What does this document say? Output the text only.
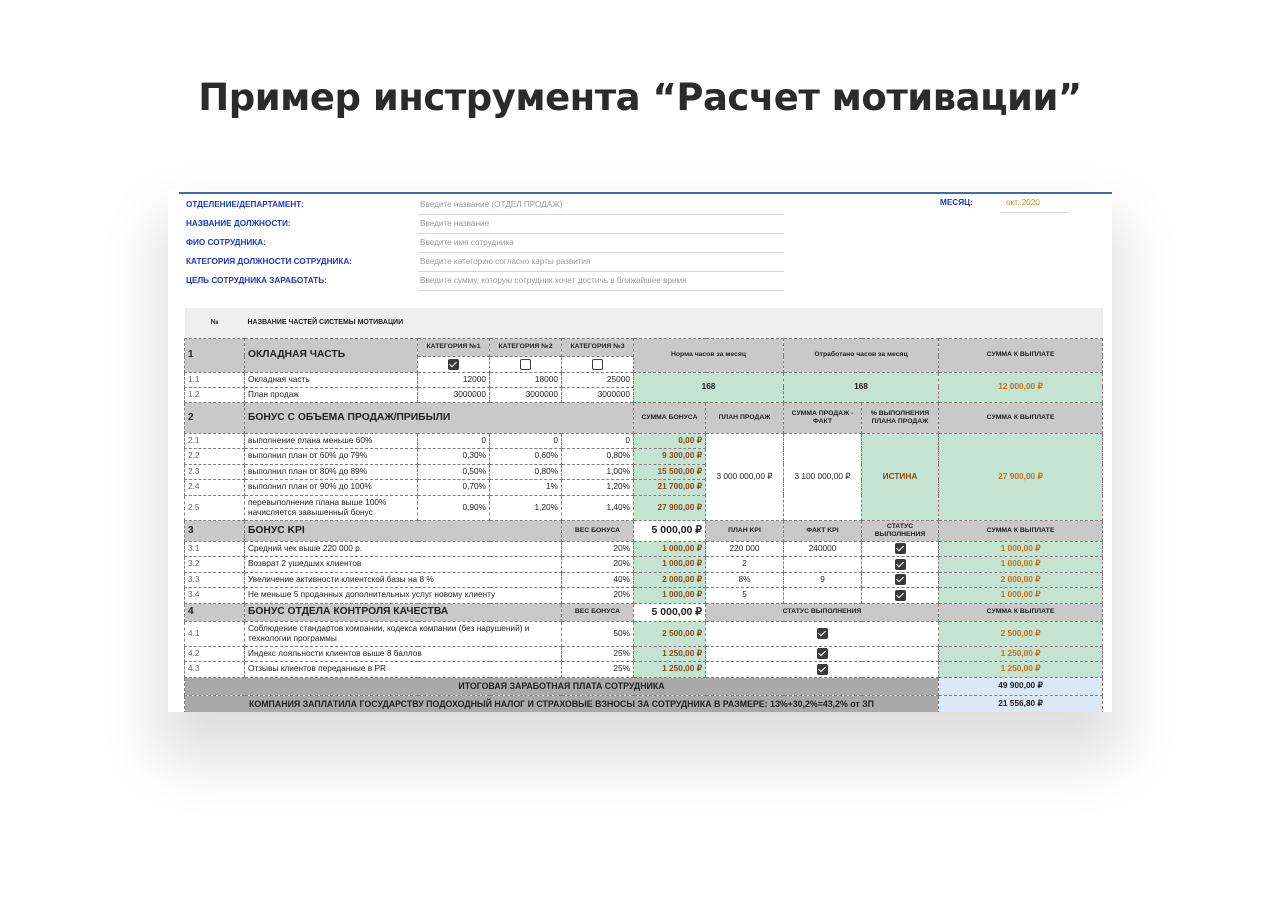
Пример инструмента “Расчет мотивации”
ОТДЕЛЕНИЕ/ДЕПАРТАМЕНТ:	Введите название (ОТДЕЛ ПРОДАЖ)
НАЗВАНИЕ ДОЛЖНОСТИ:	Введите название
ФИО СОТРУДНИКА:	Введите имя сотрудника
КАТЕГОРИЯ ДОЛЖНОСТИ СОТРУДНИКА:	Введите категорию согласно карты развития
ЦЕЛЬ СОТРУДНИКА ЗАРАБОТАТЬ:	Введите сумму, которую сотрудник хочет достичь в ближайшее время
МЕСЯЦ:	окт..2020
№	НАЗВАНИЕ ЧАСТЕЙ СИСТЕМЫ МОТИВАЦИИ								
1	ОКЛАДНАЯ ЧАСТЬ	КАТЕГОРИЯ №1	КАТЕГОРИЯ №2	КАТЕГОРИЯ №3	Норма часов за месяц		Отработано часов за месяц		СУММА К ВЫПЛАТЕ

1.1	Окладная часть	12000	18000	25000	168		168		12 000,00 ₽
1.2	План продаж	3000000	3000000	3000000					
2	БОНУС С ОБЪЕМА ПРОДАЖ/ПРИБЫЛИ				СУММА БОНУСА	ПЛАН ПРОДАЖ	СУММА ПРОДАЖ - ФАКТ	% ВЫПОЛНЕНИЯ ПЛАНА ПРОДАЖ	СУММА К ВЫПЛАТЕ
2.1	выполнение плана меньше 60%	0	0	0	0,00 ₽	3 000 000,00 ₽	3 100 000,00 ₽	ИСТИНА	27 900,00 ₽
2.2	выполнил план от 60% до 79%	0,30%	0,60%	0,80%	9 300,00 ₽				
2.3	выполнил план от 80% до 89%	0,50%	0,80%	1,00%	15 500,00 ₽				
2.4	выполнил план от 90% до 100%	0,70%	1%	1,20%	21 700,00 ₽				
2.5	перевыполнение плана выше 100% начисляется завышенный бонус	0,90%	1,20%	1,40%	27 900,00 ₽				
3	БОНУС KPI			ВЕС БОНУСА	5 000,00 ₽	ПЛАН KPI	ФАКТ KPI	СТАТУС ВЫПОЛНЕНИЯ	СУММА К ВЫПЛАТЕ
3.1	Средний чек выше 220 000 р.			20%	1 000,00 ₽	220 000	240000		1 000,00 ₽
3.2	Возврат 2 ушедших клиентов			20%	1 000,00 ₽	2			1 000,00 ₽
3.3	Увеличение активности клиентской базы на 8 %			40%	2 000,00 ₽	8%	9		2 000,00 ₽
3.4	Не меньше 5 проданных дополнительных услуг новому клиенту			20%	1 000,00 ₽	5			1 000,00 ₽
4	БОНУС ОТДЕЛА КОНТРОЛЯ КАЧЕСТВА			ВЕС БОНУСА	5 000,00 ₽	СТАТУС ВЫПОЛНЕНИЯ			СУММА К ВЫПЛАТЕ
4.1	Соблюдение стандартов компании, кодекса компании (без нарушений) и технологии программы			50%	2 500,00 ₽				2 500,00 ₽
4.2	Индекс лояльности клиентов выше 8 баллов			25%	1 250,00 ₽				1 250,00 ₽
4.3	Отзывы клиентов переданные в PR			25%	1 250,00 ₽				1 250,00 ₽
ИТОГОВАЯ ЗАРАБОТНАЯ ПЛАТА СОТРУДНИКА									49 900,00 ₽
КОМПАНИЯ ЗАПЛАТИЛА ГОСУДАРСТВУ ПОДОХОДНЫЙ НАЛОГ И СТРАХОВЫЕ ВЗНОСЫ ЗА СОТРУДНИКА В РАЗМЕРЕ: 13%+30,2%=43,2% от ЗП									21 556,80 ₽
